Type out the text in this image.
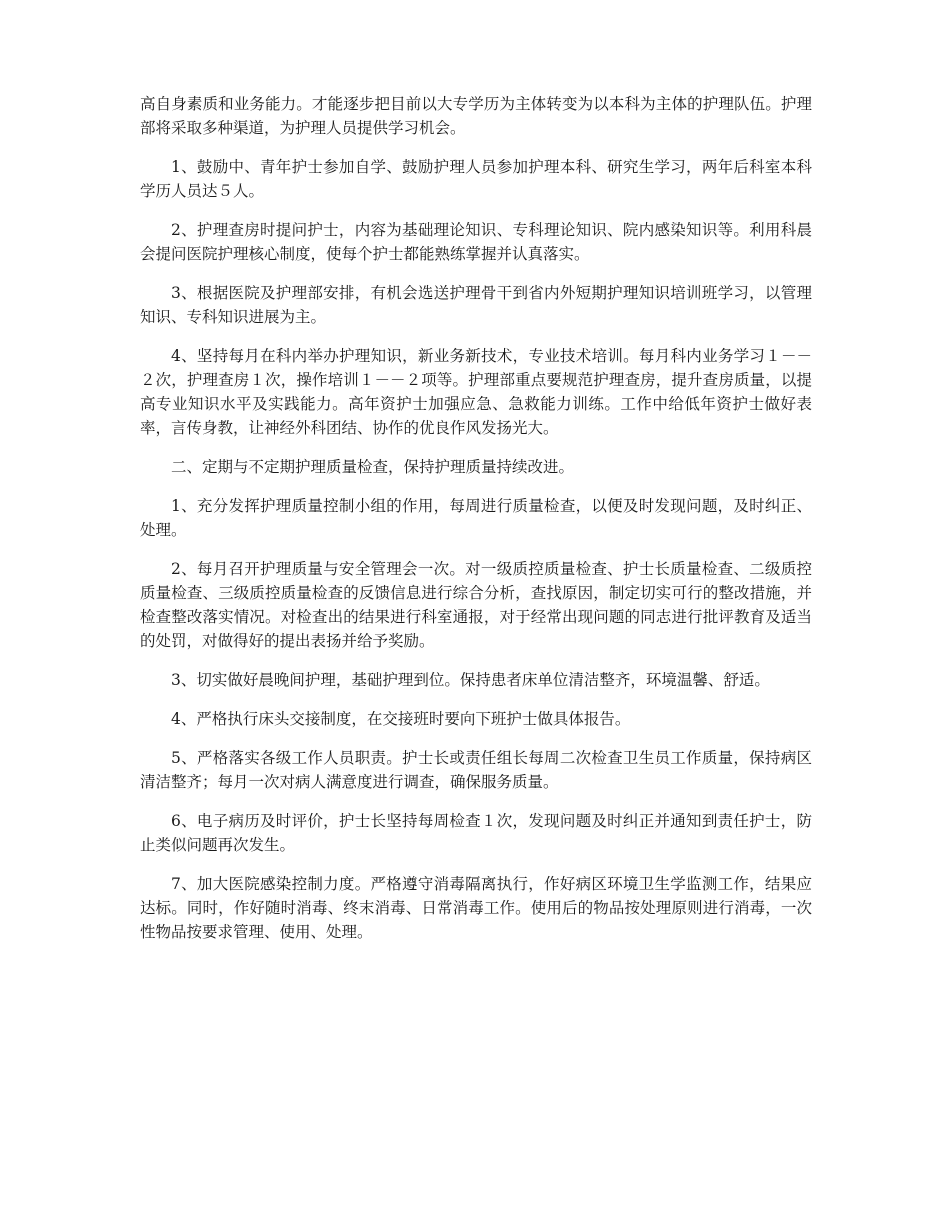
高自身素质和业务能力。才能逐步把目前以大专学历为主体转变为以本科为主体的护理队伍。护理部将采取多种渠道，为护理人员提供学习机会。

1、鼓励中、青年护士参加自学、鼓励护理人员参加护理本科、研究生学习，两年后科室本科学历人员达５人。

2、护理查房时提问护士，内容为基础理论知识、专科理论知识、院内感染知识等。利用科晨会提问医院护理核心制度，使每个护士都能熟练掌握并认真落实。

3、根据医院及护理部安排，有机会选送护理骨干到省内外短期护理知识培训班学习，以管理知识、专科知识进展为主。

4、坚持每月在科内举办护理知识，新业务新技术，专业技术培训。每月科内业务学习１－－２次，护理查房１次，操作培训１－－２项等。护理部重点要规范护理查房，提升查房质量，以提高专业知识水平及实践能力。高年资护士加强应急、急救能力训练。工作中给低年资护士做好表率，言传身教，让神经外科团结、协作的优良作风发扬光大。

二、定期与不定期护理质量检查，保持护理质量持续改进。

1、充分发挥护理质量控制小组的作用，每周进行质量检查，以便及时发现问题，及时纠正、处理。

2、每月召开护理质量与安全管理会一次。对一级质控质量检查、护士长质量检查、二级质控质量检查、三级质控质量检查的反馈信息进行综合分析，查找原因，制定切实可行的整改措施，并检查整改落实情况。对检查出的结果进行科室通报，对于经常出现问题的同志进行批评教育及适当的处罚，对做得好的提出表扬并给予奖励。

3、切实做好晨晚间护理，基础护理到位。保持患者床单位清洁整齐，环境温馨、舒适。

4、严格执行床头交接制度，在交接班时要向下班护士做具体报告。

5、严格落实各级工作人员职责。护士长或责任组长每周二次检查卫生员工作质量，保持病区清洁整齐；每月一次对病人满意度进行调查，确保服务质量。

6、电子病历及时评价，护士长坚持每周检查１次，发现问题及时纠正并通知到责任护士，防止类似问题再次发生。

7、加大医院感染控制力度。严格遵守消毒隔离执行，作好病区环境卫生学监测工作，结果应达标。同时，作好随时消毒、终末消毒、日常消毒工作。使用后的物品按处理原则进行消毒，一次性物品按要求管理、使用、处理。
